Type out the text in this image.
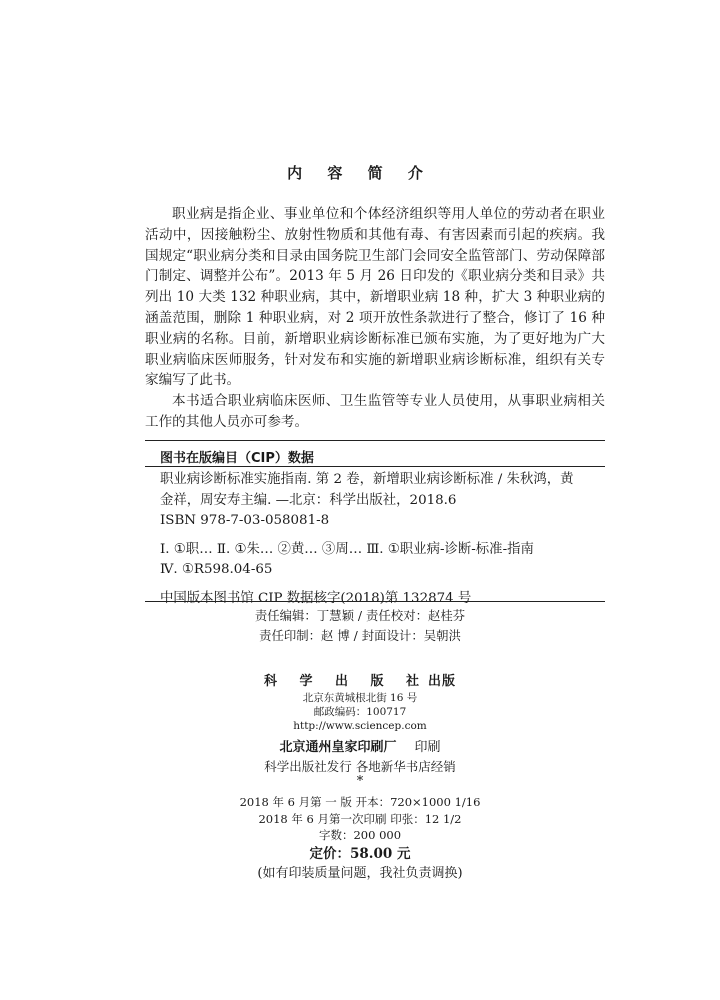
内 容 简 介

职业病是指企业、事业单位和个体经济组织等用人单位的劳动者在职业活动中，因接触粉尘、放射性物质和其他有毒、有害因素而引起的疾病。我国规定“职业病分类和目录由国务院卫生部门会同安全监管部门、劳动保障部门制定、调整并公布”。2013 年 5 月 26 日印发的《职业病分类和目录》共列出 10 大类 132 种职业病，其中，新增职业病 18 种，扩大 3 种职业病的涵盖范围，删除 1 种职业病，对 2 项开放性条款进行了整合，修订了 16 种职业病的名称。目前，新增职业病诊断标准已颁布实施，为了更好地为广大职业病临床医师服务，针对发布和实施的新增职业病诊断标准，组织有关专家编写了此书。

本书适合职业病临床医师、卫生监管等专业人员使用，从事职业病相关工作的其他人员亦可参考。

图书在版编目（CIP）数据
职业病诊断标准实施指南. 第 2 卷，新增职业病诊断标准 / 朱秋鸿，黄
金祥，周安寿主编. —北京：科学出版社，2018.6
ISBN 978-7-03-058081-8
Ⅰ. ①职… Ⅱ. ①朱… ②黄… ③周… Ⅲ. ①职业病-诊断-标准-指南
Ⅳ. ①R598.04-65
中国版本图书馆 CIP 数据核字(2018)第 132874 号
责任编辑：丁慧颖 / 责任校对：赵桂芬
责任印制：赵 博 / 封面设计：吴朝洪
科 学 出 版 社出版
北京东黄城根北街 16 号
邮政编码：100717
http://www.sciencep.com
北京通州皇家印刷厂 印刷
科学出版社发行 各地新华书店经销
*
2018 年 6 月第 一 版 开本：720×1000 1/16
2018 年 6 月第一次印刷 印张：12 1/2
字数：200 000
定价：58.00 元
(如有印装质量问题，我社负责调换)
